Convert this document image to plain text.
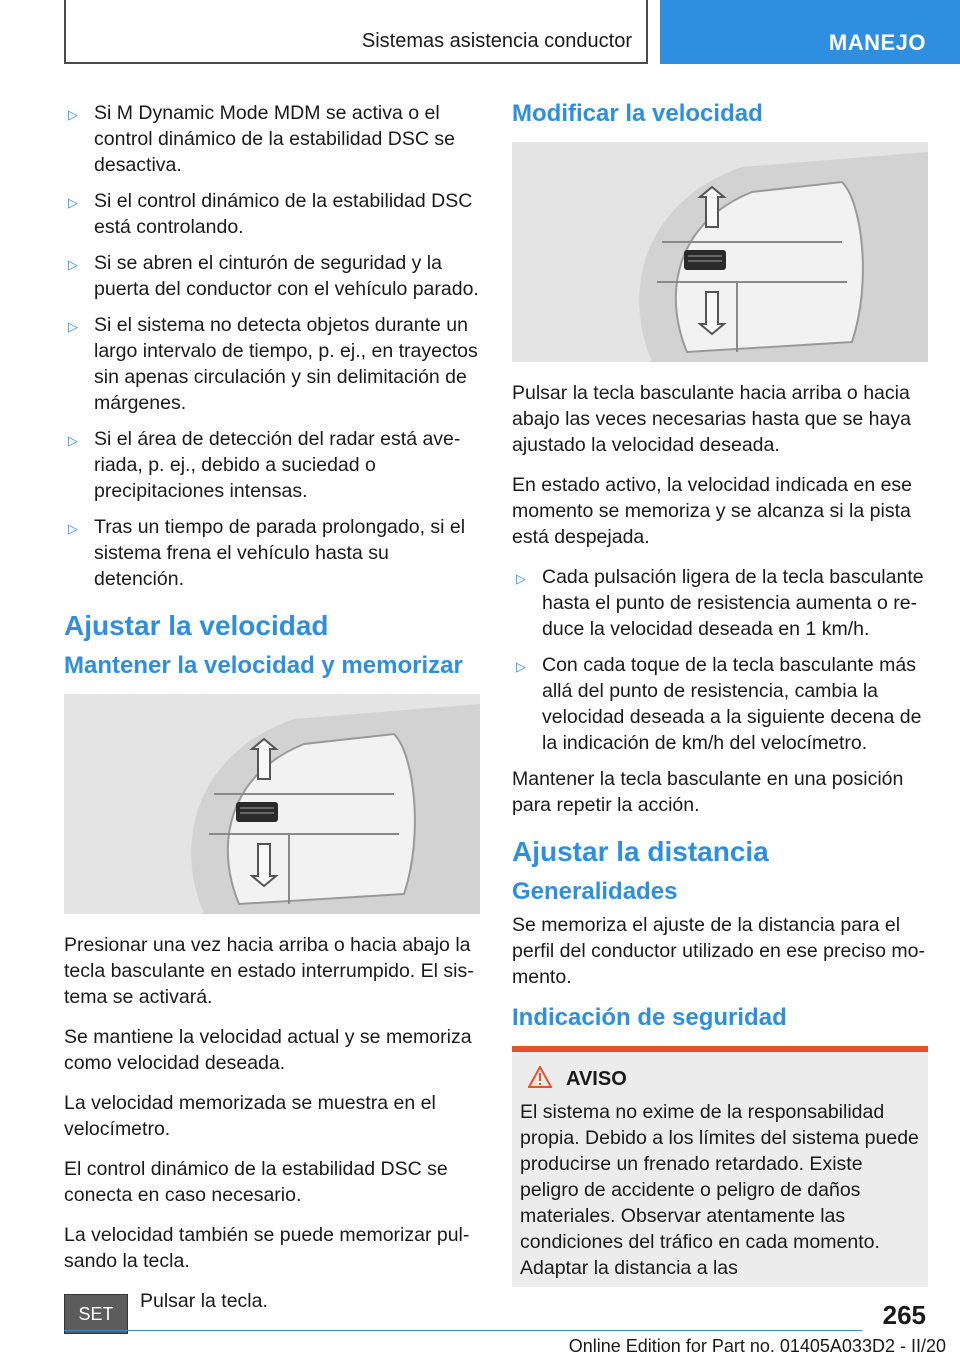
Sistemas asistencia conductor	MANEJO
▷ Si M Dynamic Mode MDM se activa o el control dinámico de la estabilidad DSC se desactiva.
▷ Si el control dinámico de la estabilidad DSC está controlando.
▷ Si se abren el cinturón de seguridad y la puerta del conductor con el vehículo parado.
▷ Si el sistema no detecta objetos durante un largo intervalo de tiempo, p. ej., en trayectos sin apenas circulación y sin delimitación de márgenes.
▷ Si el área de detección del radar está averiada, p. ej., debido a suciedad o precipitaciones intensas.
▷ Tras un tiempo de parada prolongado, si el sistema frena el vehículo hasta su detención.
Ajustar la velocidad
Mantener la velocidad y memorizar

Presionar una vez hacia arriba o hacia abajo la tecla basculante en estado interrumpido. El sistema se activará.

Se mantiene la velocidad actual y se memoriza como velocidad deseada.

La velocidad memorizada se muestra en el velocímetro.

El control dinámico de la estabilidad DSC se conecta en caso necesario.

La velocidad también se puede memorizar pulsando la tecla.

SET
Pulsar la tecla.
Modificar la velocidad

Pulsar la tecla basculante hacia arriba o hacia abajo las veces necesarias hasta que se haya ajustado la velocidad deseada.

En estado activo, la velocidad indicada en ese momento se memoriza y se alcanza si la pista está despejada.

▷ Cada pulsación ligera de la tecla basculante hasta el punto de resistencia aumenta o reduce la velocidad deseada en 1 km/h.
▷ Con cada toque de la tecla basculante más allá del punto de resistencia, cambia la velocidad deseada a la siguiente decena de la indicación de km/h del velocímetro.

Mantener la tecla basculante en una posición para repetir la acción.

Ajustar la distancia
Generalidades

Se memoriza el ajuste de la distancia para el perfil del conductor utilizado en ese preciso momento.

Indicación de seguridad
AVISO

El sistema no exime de la responsabilidad propia. Debido a los límites del sistema puede producirse un frenado retardado. Existe peligro de accidente o peligro de daños materiales. Observar atentamente las condiciones del tráfico en cada momento. Adaptar la distancia a las

265
Online Edition for Part no. 01405A033D2 - II/20
